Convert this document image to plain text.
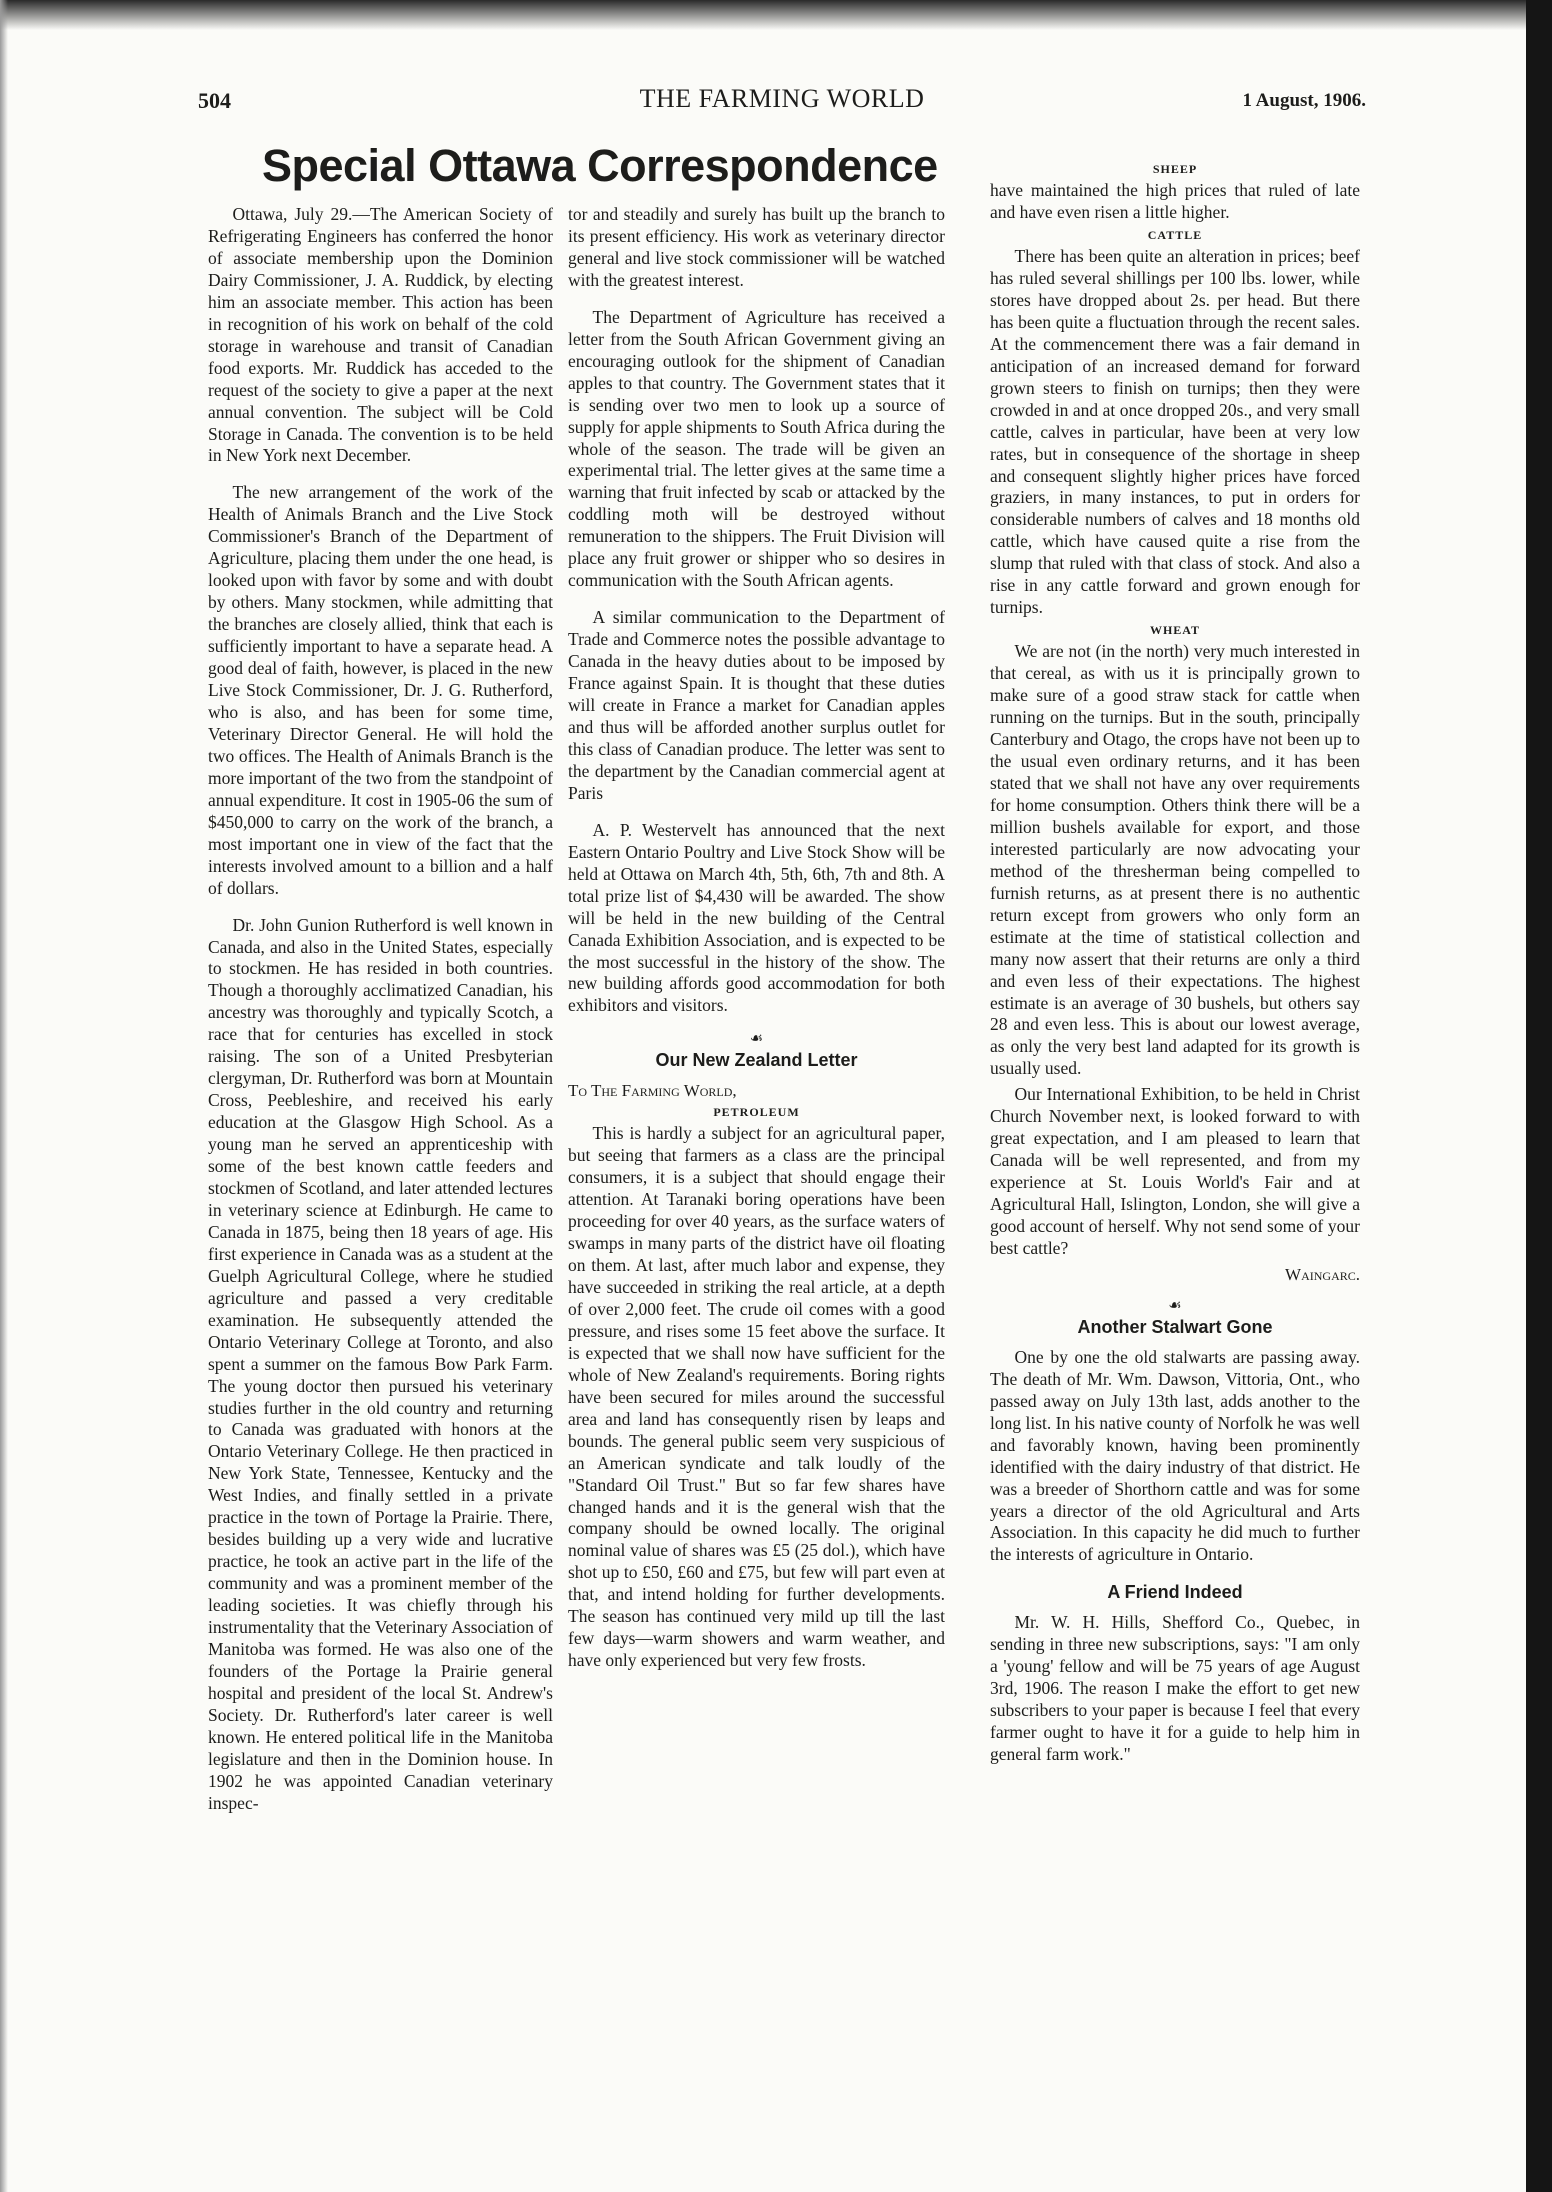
504	THE FARMING WORLD	1 August, 1906.
Special Ottawa Correspondence

Ottawa, July 29.—The American Society of Refrigerating Engineers has conferred the honor of associate membership upon the Dominion Dairy Commissioner, J. A. Ruddick, by electing him an associate member. This action has been in recognition of his work on behalf of the cold storage in warehouse and transit of Canadian food exports. Mr. Ruddick has acceded to the request of the society to give a paper at the next annual convention. The subject will be Cold Storage in Canada. The convention is to be held in New York next December.

The new arrangement of the work of the Health of Animals Branch and the Live Stock Commissioner's Branch of the Department of Agriculture, placing them under the one head, is looked upon with favor by some and with doubt by others. Many stockmen, while admitting that the branches are closely allied, think that each is sufficiently important to have a separate head. A good deal of faith, however, is placed in the new Live Stock Commissioner, Dr. J. G. Rutherford, who is also, and has been for some time, Veterinary Director General. He will hold the two offices. The Health of Animals Branch is the more important of the two from the standpoint of annual expenditure. It cost in 1905-06 the sum of $450,000 to carry on the work of the branch, a most important one in view of the fact that the interests involved amount to a billion and a half of dollars.

Dr. John Gunion Rutherford is well known in Canada, and also in the United States, especially to stockmen. He has resided in both countries. Though a thoroughly acclimatized Canadian, his ancestry was thoroughly and typically Scotch, a race that for centuries has excelled in stock raising. The son of a United Presbyterian clergyman, Dr. Rutherford was born at Mountain Cross, Peebleshire, and received his early education at the Glasgow High School. As a young man he served an apprenticeship with some of the best known cattle feeders and stockmen of Scotland, and later attended lectures in veterinary science at Edinburgh. He came to Canada in 1875, being then 18 years of age. His first experience in Canada was as a student at the Guelph Agricultural College, where he studied agriculture and passed a very creditable examination. He subsequently attended the Ontario Veterinary College at Toronto, and also spent a summer on the famous Bow Park Farm. The young doctor then pursued his veterinary studies further in the old country and returning to Canada was graduated with honors at the Ontario Veterinary College. He then practiced in New York State, Tennessee, Kentucky and the West Indies, and finally settled in a private practice in the town of Portage la Prairie. There, besides building up a very wide and lucrative practice, he took an active part in the life of the community and was a prominent member of the leading societies. It was chiefly through his instrumentality that the Veterinary Association of Manitoba was formed. He was also one of the founders of the Portage la Prairie general hospital and president of the local St. Andrew's Society. Dr. Rutherford's later career is well known. He entered political life in the Manitoba legislature and then in the Dominion house. In 1902 he was appointed Canadian veterinary inspec-

tor and steadily and surely has built up the branch to its present efficiency. His work as veterinary director general and live stock commissioner will be watched with the greatest interest.

The Department of Agriculture has received a letter from the South African Government giving an encouraging outlook for the shipment of Canadian apples to that country. The Government states that it is sending over two men to look up a source of supply for apple shipments to South Africa during the whole of the season. The trade will be given an experimental trial. The letter gives at the same time a warning that fruit infected by scab or attacked by the coddling moth will be destroyed without remuneration to the shippers. The Fruit Division will place any fruit grower or shipper who so desires in communication with the South African agents.

A similar communication to the Department of Trade and Commerce notes the possible advantage to Canada in the heavy duties about to be imposed by France against Spain. It is thought that these duties will create in France a market for Canadian apples and thus will be afforded another surplus outlet for this class of Canadian produce. The letter was sent to the department by the Canadian commercial agent at Paris

A. P. Westervelt has announced that the next Eastern Ontario Poultry and Live Stock Show will be held at Ottawa on March 4th, 5th, 6th, 7th and 8th. A total prize list of $4,430 will be awarded. The show will be held in the new building of the Central Canada Exhibition Association, and is expected to be the most successful in the history of the show. The new building affords good accommodation for both exhibitors and visitors.

☙
Our New Zealand Letter
To The Farming World,
PETROLEUM

This is hardly a subject for an agricultural paper, but seeing that farmers as a class are the principal consumers, it is a subject that should engage their attention. At Taranaki boring operations have been proceeding for over 40 years, as the surface waters of swamps in many parts of the district have oil floating on them. At last, after much labor and expense, they have succeeded in striking the real article, at a depth of over 2,000 feet. The crude oil comes with a good pressure, and rises some 15 feet above the surface. It is expected that we shall now have sufficient for the whole of New Zealand's requirements. Boring rights have been secured for miles around the successful area and land has consequently risen by leaps and bounds. The general public seem very suspicious of an American syndicate and talk loudly of the "Standard Oil Trust." But so far few shares have changed hands and it is the general wish that the company should be owned locally. The original nominal value of shares was £5 (25 dol.), which have shot up to £50, £60 and £75, but few will part even at that, and intend holding for further developments. The season has continued very mild up till the last few days—warm showers and warm weather, and have only experienced but very few frosts.

SHEEP

have maintained the high prices that ruled of late and have even risen a little higher.

CATTLE

There has been quite an alteration in prices; beef has ruled several shillings per 100 lbs. lower, while stores have dropped about 2s. per head. But there has been quite a fluctuation through the recent sales. At the commencement there was a fair demand in anticipation of an increased demand for forward grown steers to finish on turnips; then they were crowded in and at once dropped 20s., and very small cattle, calves in particular, have been at very low rates, but in consequence of the shortage in sheep and consequent slightly higher prices have forced graziers, in many instances, to put in orders for considerable numbers of calves and 18 months old cattle, which have caused quite a rise from the slump that ruled with that class of stock. And also a rise in any cattle forward and grown enough for turnips.

WHEAT

We are not (in the north) very much interested in that cereal, as with us it is principally grown to make sure of a good straw stack for cattle when running on the turnips. But in the south, principally Canterbury and Otago, the crops have not been up to the usual even ordinary returns, and it has been stated that we shall not have any over requirements for home consumption. Others think there will be a million bushels available for export, and those interested particularly are now advocating your method of the thresherman being compelled to furnish returns, as at present there is no authentic return except from growers who only form an estimate at the time of statistical collection and many now assert that their returns are only a third and even less of their expectations. The highest estimate is an average of 30 bushels, but others say 28 and even less. This is about our lowest average, as only the very best land adapted for its growth is usually used.

Our International Exhibition, to be held in Christ Church November next, is looked forward to with great expectation, and I am pleased to learn that Canada will be well represented, and from my experience at St. Louis World's Fair and at Agricultural Hall, Islington, London, she will give a good account of herself. Why not send some of your best cattle?

Waingarc.
☙
Another Stalwart Gone

One by one the old stalwarts are passing away. The death of Mr. Wm. Dawson, Vittoria, Ont., who passed away on July 13th last, adds another to the long list. In his native county of Norfolk he was well and favorably known, having been prominently identified with the dairy industry of that district. He was a breeder of Shorthorn cattle and was for some years a director of the old Agricultural and Arts Association. In this capacity he did much to further the interests of agriculture in Ontario.

A Friend Indeed

Mr. W. H. Hills, Shefford Co., Quebec, in sending in three new subscriptions, says: "I am only a 'young' fellow and will be 75 years of age August 3rd, 1906. The reason I make the effort to get new subscribers to your paper is because I feel that every farmer ought to have it for a guide to help him in general farm work."
